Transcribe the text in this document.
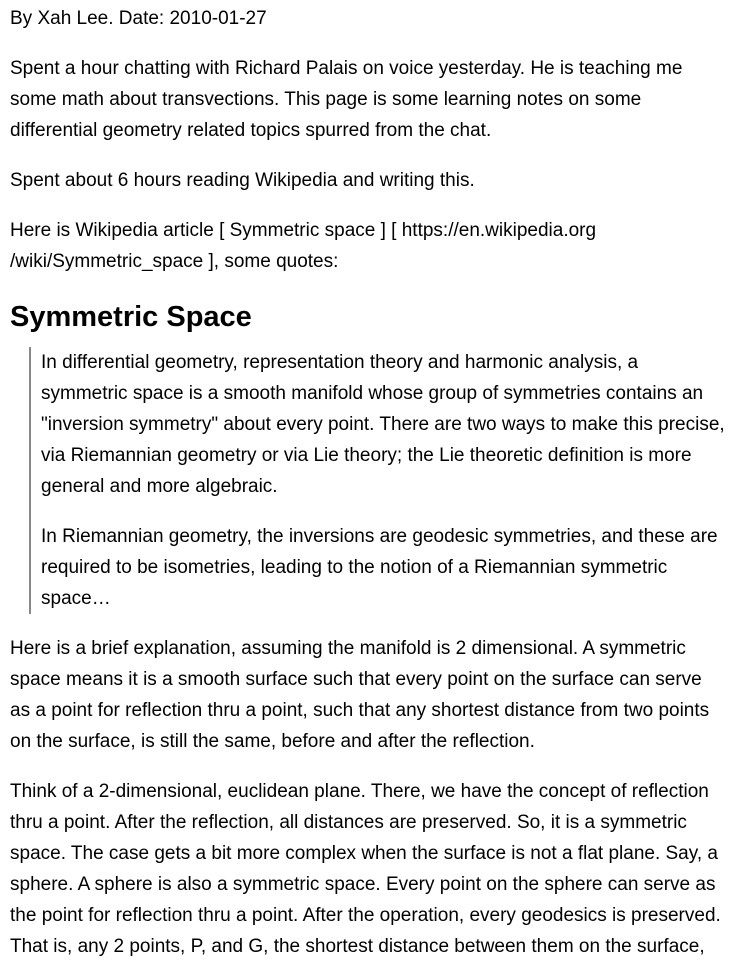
By Xah Lee. Date: 2010-01-27

Spent a hour chatting with Richard Palais on voice yesterday. He is teaching me some math about transvections. This page is some learning notes on some differential geometry related topics spurred from the chat.

Spent about 6 hours reading Wikipedia and writing this.

Here is Wikipedia article [ Symmetric space ] [ https://en.wikipedia.org
/wiki/Symmetric_space ], some quotes:

Symmetric Space

In differential geometry, representation theory and harmonic analysis, a symmetric space is a smooth manifold whose group of symmetries contains an "inversion symmetry" about every point. There are two ways to make this precise, via Riemannian geometry or via Lie theory; the Lie theoretic definition is more general and more algebraic.

In Riemannian geometry, the inversions are geodesic symmetries, and these are required to be isometries, leading to the notion of a Riemannian symmetric space…

Here is a brief explanation, assuming the manifold is 2 dimensional. A symmetric space means it is a smooth surface such that every point on the surface can serve as a point for reflection thru a point, such that any shortest distance from two points on the surface, is still the same, before and after the reflection.

Think of a 2-dimensional, euclidean plane. There, we have the concept of reflection thru a point. After the reflection, all distances are preserved. So, it is a symmetric space. The case gets a bit more complex when the surface is not a flat plane. Say, a sphere. A sphere is also a symmetric space. Every point on the sphere can serve as the point for reflection thru a point. After the operation, every geodesics is preserved. That is, any 2 points, P, and G, the shortest distance between them on the surface,
